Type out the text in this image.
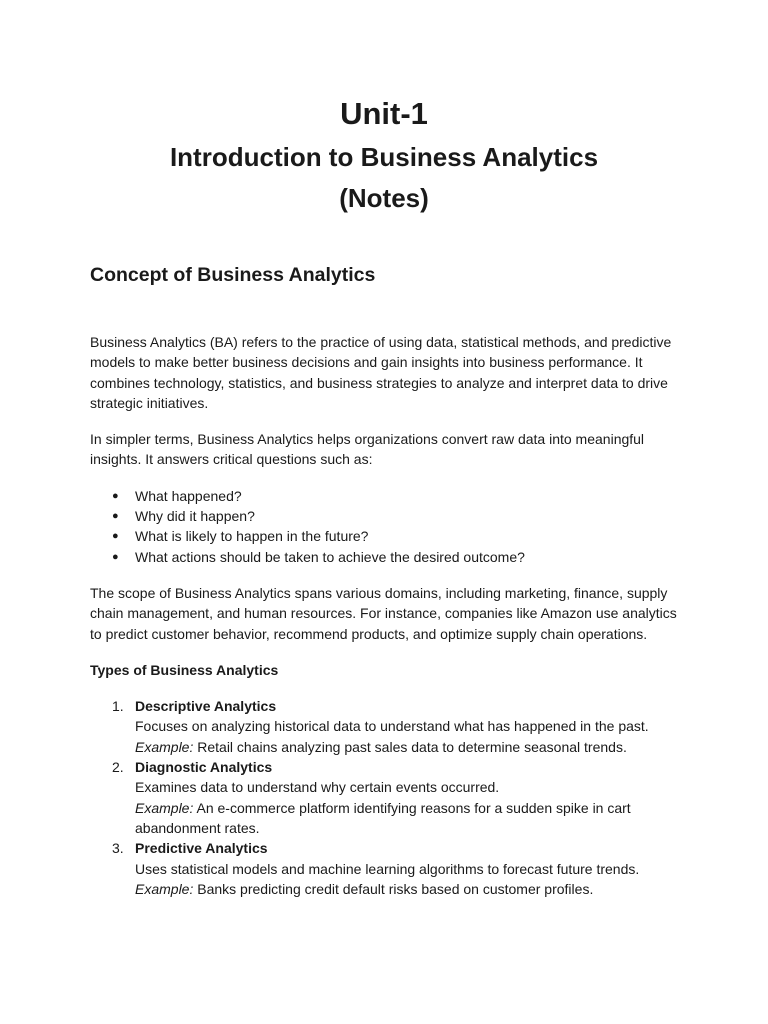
Unit-1
Introduction to Business Analytics
(Notes)
Concept of Business Analytics

Business Analytics (BA) refers to the practice of using data, statistical methods, and predictive models to make better business decisions and gain insights into business performance. It combines technology, statistics, and business strategies to analyze and interpret data to drive strategic initiatives.

In simpler terms, Business Analytics helps organizations convert raw data into meaningful insights. It answers critical questions such as:

● What happened?
● Why did it happen?
● What is likely to happen in the future?
● What actions should be taken to achieve the desired outcome?

The scope of Business Analytics spans various domains, including marketing, finance, supply chain management, and human resources. For instance, companies like Amazon use analytics to predict customer behavior, recommend products, and optimize supply chain operations.

Types of Business Analytics
1. Descriptive Analytics
Focuses on analyzing historical data to understand what has happened in the past.
Example: Retail chains analyzing past sales data to determine seasonal trends.
2. Diagnostic Analytics
Examines data to understand why certain events occurred.
Example: An e-commerce platform identifying reasons for a sudden spike in cart abandonment rates.
3. Predictive Analytics
Uses statistical models and machine learning algorithms to forecast future trends.
Example: Banks predicting credit default risks based on customer profiles.
